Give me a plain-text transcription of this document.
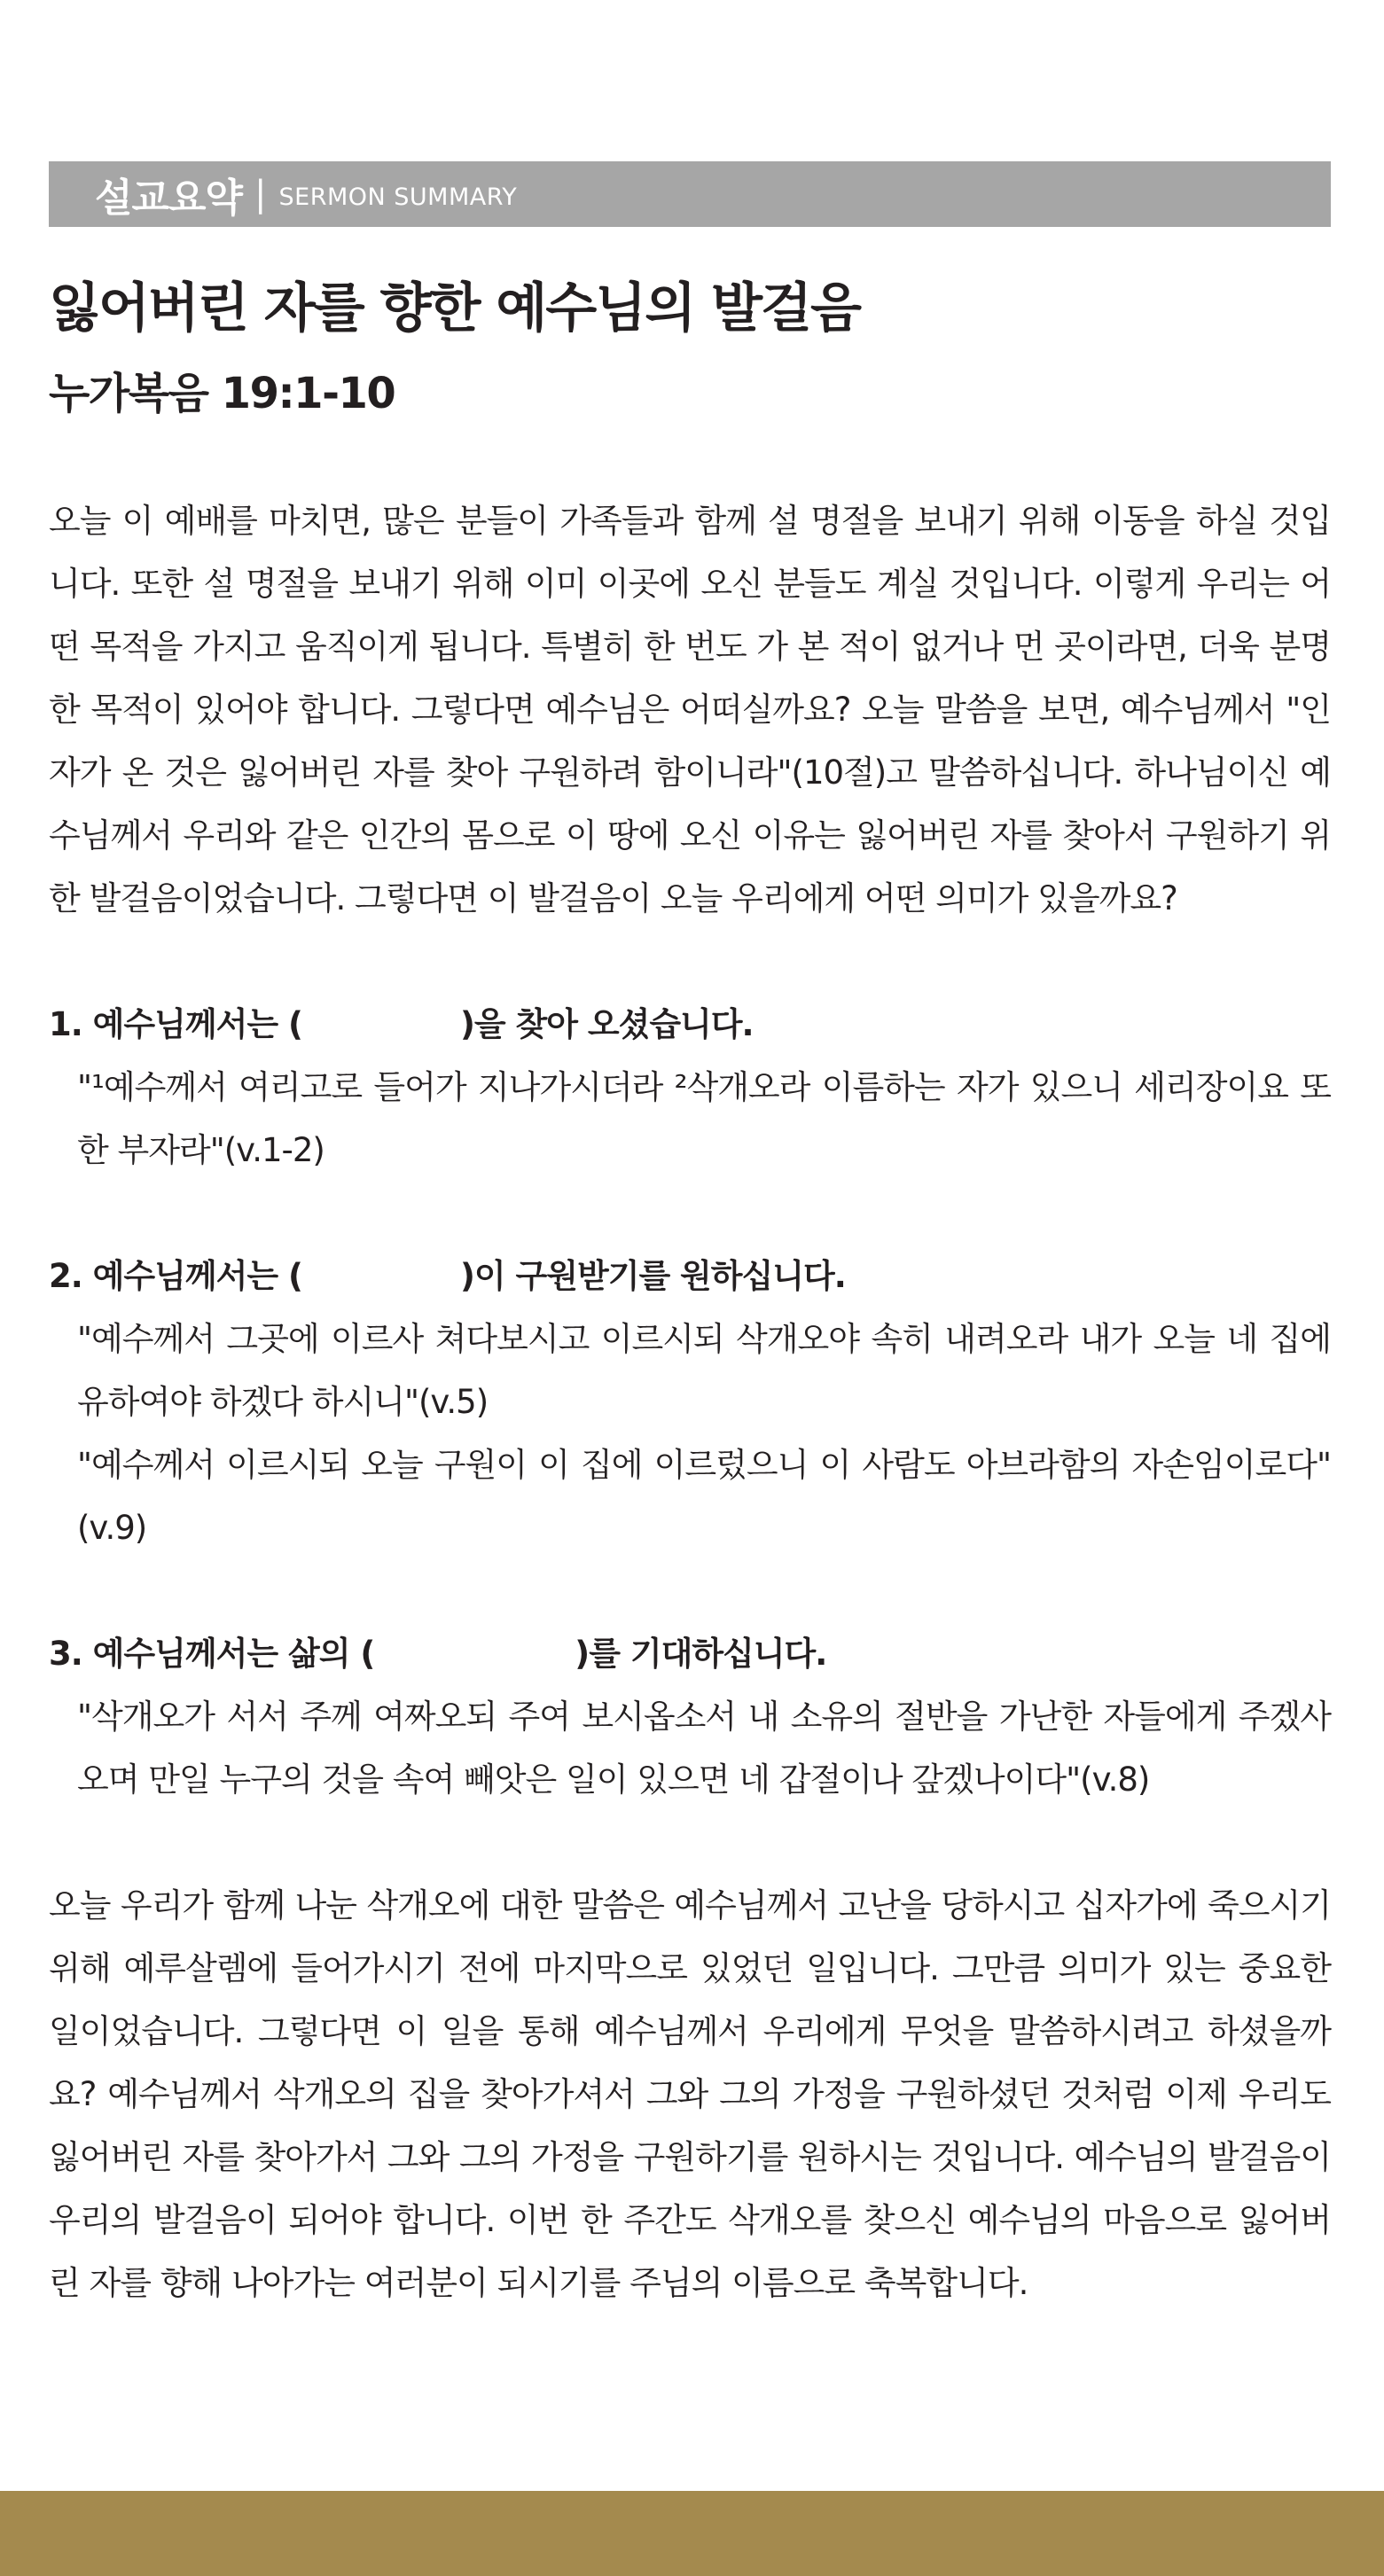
설교요약 | SERMON SUMMARY
잃어버린 자를 향한 예수님의 발걸음
누가복음 19:1-10

오늘 이 예배를 마치면, 많은 분들이 가족들과 함께 설 명절을 보내기 위해 이동을 하실 것입니다. 또한 설 명절을 보내기 위해 이미 이곳에 오신 분들도 계실 것입니다. 이렇게 우리는 어떤 목적을 가지고 움직이게 됩니다. 특별히 한 번도 가 본 적이 없거나 먼 곳이라면, 더욱 분명한 목적이 있어야 합니다. 그렇다면 예수님은 어떠실까요? 오늘 말씀을 보면, 예수님께서 "인자가 온 것은 잃어버린 자를 찾아 구원하려 함이니라"(10절)고 말씀하십니다. 하나님이신 예수님께서 우리와 같은 인간의 몸으로 이 땅에 오신 이유는 잃어버린 자를 찾아서 구원하기 위한 발걸음이었습니다. 그렇다면 이 발걸음이 오늘 우리에게 어떤 의미가 있을까요?

1. 예수님께서는 (	)을 찾아 오셨습니다.

"¹예수께서 여리고로 들어가 지나가시더라 ²삭개오라 이름하는 자가 있으니 세리장이요 또한 부자라"(v.1-2)

2. 예수님께서는 (	)이 구원받기를 원하십니다.

"예수께서 그곳에 이르사 쳐다보시고 이르시되 삭개오야 속히 내려오라 내가 오늘 네 집에 유하여야 하겠다 하시니"(v.5)

"예수께서 이르시되 오늘 구원이 이 집에 이르렀으니 이 사람도 아브라함의 자손임이로다"(v.9)

3. 예수님께서는 삶의 (	)를 기대하십니다.

"삭개오가 서서 주께 여짜오되 주여 보시옵소서 내 소유의 절반을 가난한 자들에게 주겠사오며 만일 누구의 것을 속여 빼앗은 일이 있으면 네 갑절이나 갚겠나이다"(v.8)

오늘 우리가 함께 나눈 삭개오에 대한 말씀은 예수님께서 고난을 당하시고 십자가에 죽으시기 위해 예루살렘에 들어가시기 전에 마지막으로 있었던 일입니다. 그만큼 의미가 있는 중요한 일이었습니다. 그렇다면 이 일을 통해 예수님께서 우리에게 무엇을 말씀하시려고 하셨을까요? 예수님께서 삭개오의 집을 찾아가셔서 그와 그의 가정을 구원하셨던 것처럼 이제 우리도 잃어버린 자를 찾아가서 그와 그의 가정을 구원하기를 원하시는 것입니다. 예수님의 발걸음이 우리의 발걸음이 되어야 합니다. 이번 한 주간도 삭개오를 찾으신 예수님의 마음으로 잃어버린 자를 향해 나아가는 여러분이 되시기를 주님의 이름으로 축복합니다.
